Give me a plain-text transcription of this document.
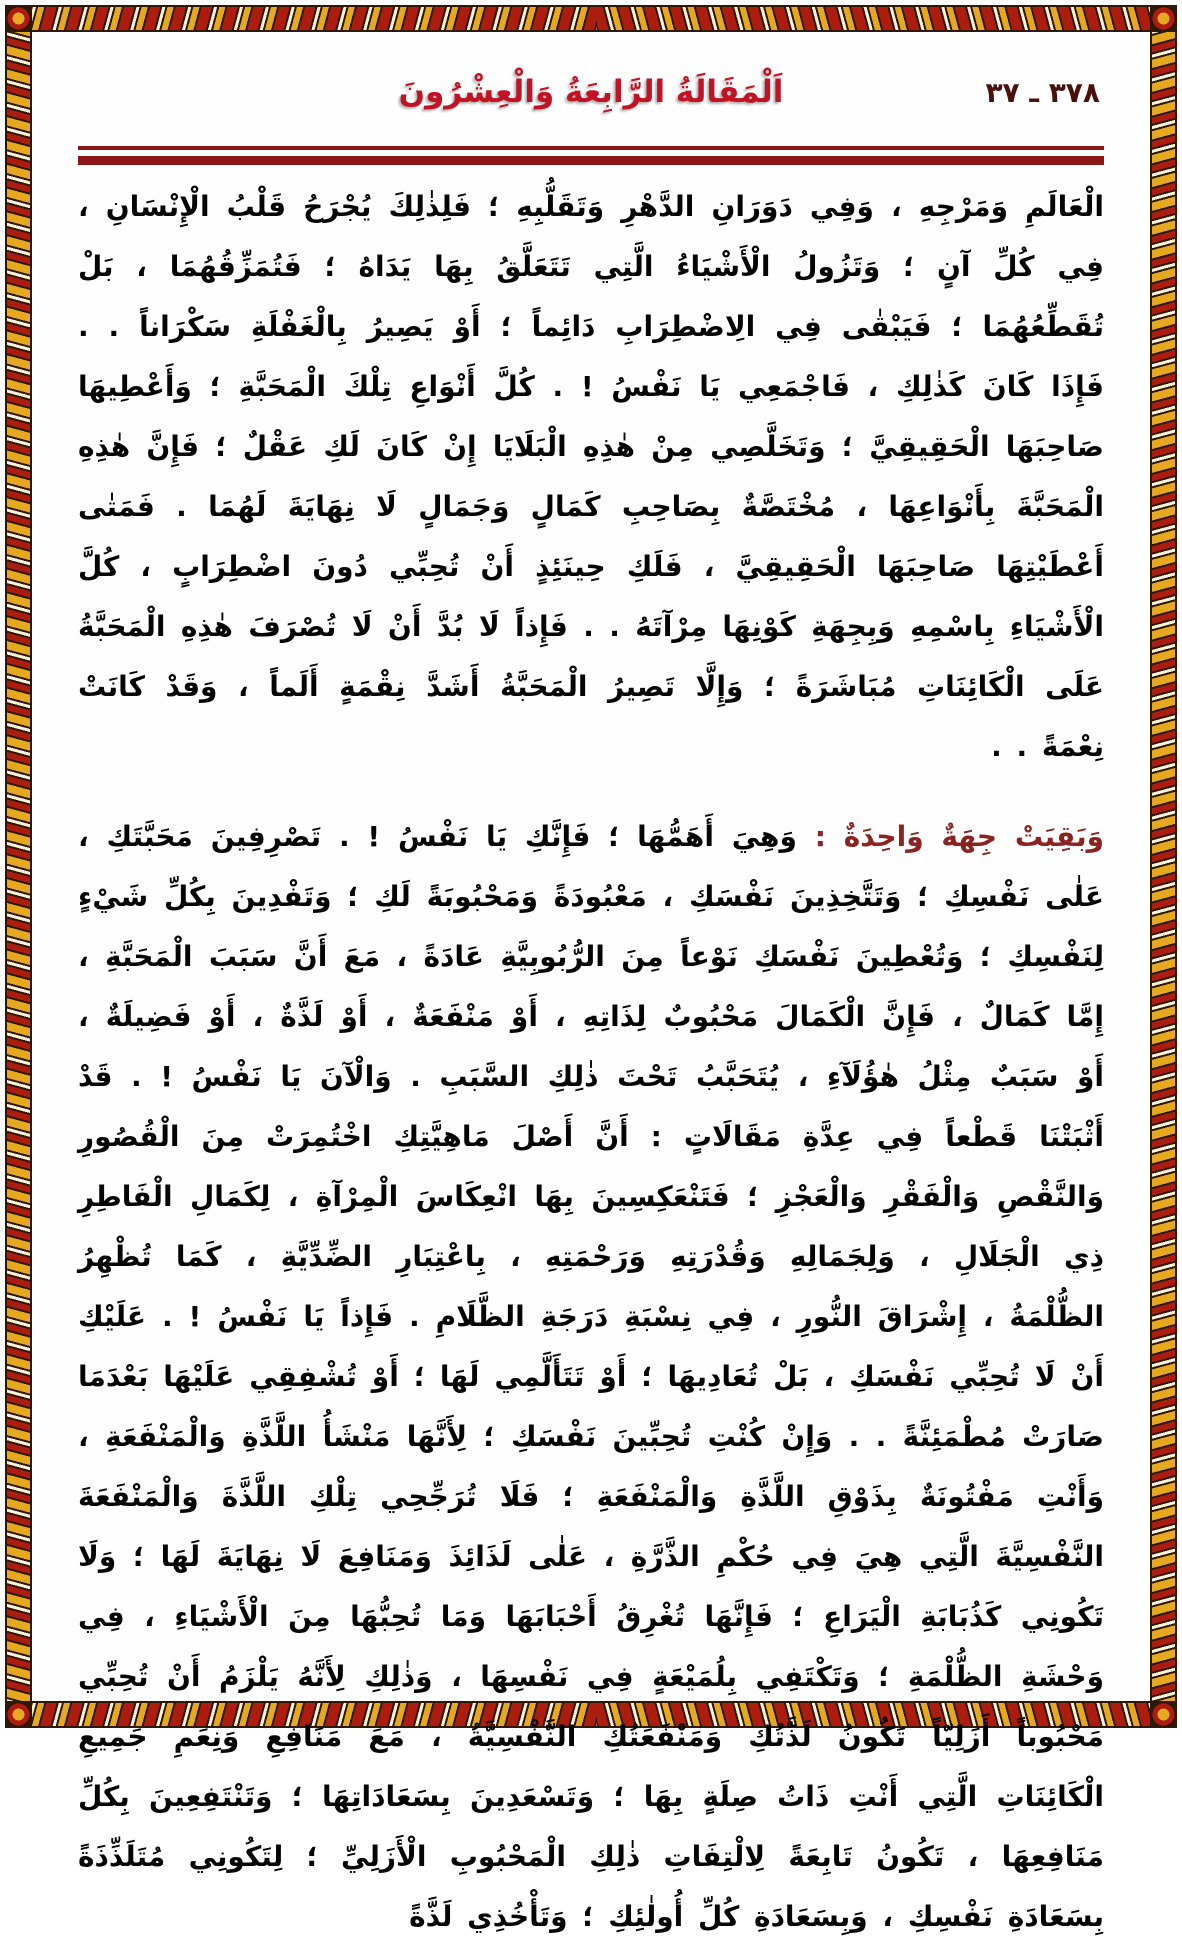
اَلْمَقَالَةُ الرَّابِعَةُ وَالْعِشْرُونَ	٣٧٨ ـ ٣٧

الْعَالَمِ وَمَرْجِهِ ، وَفِي دَوَرَانِ الدَّهْرِ وَتَقَلُّبِهِ ؛ فَلِذٰلِكَ يُجْرَحُ قَلْبُ الْإِنْسَانِ ، فِي كُلِّ آنٍ ؛ وَتَزُولُ الْأَشْيَاءُ الَّتِي تَتَعَلَّقُ بِهَا يَدَاهُ ؛ فَتُمَزِّقُهُمَا ، بَلْ تُقَطِّعُهُمَا ؛ فَيَبْقٰى فِي الِاضْطِرَابِ دَائِماً ؛ أَوْ يَصِيرُ بِالْغَفْلَةِ سَكْرَاناً . . فَإِذَا كَانَ كَذٰلِكِ ، فَاجْمَعِي يَا نَفْسُ ! . كُلَّ أَنْوَاعِ تِلْكَ الْمَحَبَّةِ ؛ وَأَعْطِيهَا صَاحِبَهَا الْحَقِيقِيَّ ؛ وَتَخَلَّصِي مِنْ هٰذِهِ الْبَلَايَا إِنْ كَانَ لَكِ عَقْلٌ ؛ فَإِنَّ هٰذِهِ الْمَحَبَّةَ بِأَنْوَاعِهَا ، مُخْتَصَّةٌ بِصَاحِبِ كَمَالٍ وَجَمَالٍ لَا نِهَايَةَ لَهُمَا . فَمَتٰى أَعْطَيْتِهَا صَاحِبَهَا الْحَقِيقِيَّ ، فَلَكِ حِينَئِذٍ أَنْ تُحِبِّي دُونَ اضْطِرَابٍ ، كُلَّ الْأَشْيَاءِ بِاسْمِهِ وَبِجِهَةِ كَوْنِهَا مِرْآتَهُ . . فَإِذاً لَا بُدَّ أَنْ لَا تُصْرَفَ هٰذِهِ الْمَحَبَّةُ عَلَى الْكَائِنَاتِ مُبَاشَرَةً ؛ وَإِلَّا تَصِيرُ الْمَحَبَّةُ أَشَدَّ نِقْمَةٍ أَلَماً ، وَقَدْ كَانَتْ نِعْمَةً . .

وَبَقِيَتْ جِهَةٌ وَاحِدَةٌ : وَهِيَ أَهَمُّهَا ؛ فَإِنَّكِ يَا نَفْسُ ! . تَصْرِفِينَ مَحَبَّتَكِ ، عَلٰى نَفْسِكِ ؛ وَتَتَّخِذِينَ نَفْسَكِ ، مَعْبُودَةً وَمَحْبُوبَةً لَكِ ؛ وَتَفْدِينَ بِكُلِّ شَيْءٍ لِنَفْسِكِ ؛ وَتُعْطِينَ نَفْسَكِ نَوْعاً مِنَ الرُّبُوبِيَّةِ عَادَةً ، مَعَ أَنَّ سَبَبَ الْمَحَبَّةِ ، إِمَّا كَمَالٌ ، فَإِنَّ الْكَمَالَ مَحْبُوبٌ لِذَاتِهِ ، أَوْ مَنْفَعَةٌ ، أَوْ لَذَّةٌ ، أَوْ فَضِيلَةٌ ، أَوْ سَبَبٌ مِثْلُ هٰؤُلَآءِ ، يُتَحَبَّبُ تَحْتَ ذٰلِكِ السَّبَبِ . وَالْآنَ يَا نَفْسُ ! . قَدْ أَثْبَتْنَا قَطْعاً فِي عِدَّةِ مَقَالَاتٍ : أَنَّ أَصْلَ مَاهِيَّتِكِ اخْتُمِرَتْ مِنَ الْقُصُورِ وَالنَّقْصِ وَالْفَقْرِ وَالْعَجْزِ ؛ فَتَنْعَكِسِينَ بِهَا انْعِكَاسَ الْمِرْآةِ ، لِكَمَالِ الْفَاطِرِ ذِي الْجَلَالِ ، وَلِجَمَالِهِ وَقُدْرَتِهِ وَرَحْمَتِهِ ، بِاعْتِبَارِ الضِّدِّيَّةِ ، كَمَا تُظْهِرُ الظُّلْمَةُ ، إِشْرَاقَ النُّورِ ، فِي نِسْبَةِ دَرَجَةِ الظَّلَامِ . فَإِذاً يَا نَفْسُ ! . عَلَيْكِ أَنْ لَا تُحِبِّي نَفْسَكِ ، بَلْ تُعَادِيهَا ؛ أَوْ تَتَأَلَّمِي لَهَا ؛ أَوْ تُشْفِقِي عَلَيْهَا بَعْدَمَا صَارَتْ مُطْمَئِنَّةً . . وَإِنْ كُنْتِ تُحِبِّينَ نَفْسَكِ ؛ لِأَنَّهَا مَنْشَأُ اللَّذَّةِ وَالْمَنْفَعَةِ ، وَأَنْتِ مَفْتُونَةٌ بِذَوْقِ اللَّذَّةِ وَالْمَنْفَعَةِ ؛ فَلَا تُرَجِّحِي تِلْكِ اللَّذَّةَ وَالْمَنْفَعَةَ النَّفْسِيَّةَ الَّتِي هِيَ فِي حُكْمِ الذَّرَّةِ ، عَلٰى لَذَائِذَ وَمَنَافِعَ لَا نِهَايَةَ لَهَا ؛ وَلَا تَكُونِي كَذُبَابَةِ الْيَرَاعِ ؛ فَإِنَّهَا تُغْرِقُ أَحْبَابَهَا وَمَا تُحِبُّهَا مِنَ الْأَشْيَاءِ ، فِي وَحْشَةِ الظُّلْمَةِ ؛ وَتَكْتَفِي بِلُمَيْعَةٍ فِي نَفْسِهَا ، وَذٰلِكِ لِأَنَّهُ يَلْزَمُ أَنْ تُحِبِّي مَحْبُوباً أَزَلِيّاً تَكُونُ لَذَّتُكِ وَمَنْفَعَتُكِ النَّفْسِيَّةُ ، مَعَ مَنَافِعِ وَنِعَمِ جَمِيعِ الْكَائِنَاتِ الَّتِي أَنْتِ ذَاتُ صِلَةٍ بِهَا ؛ وَتَسْعَدِينَ بِسَعَادَاتِهَا ؛ وَتَنْتَفِعِينَ بِكُلِّ مَنَافِعِهَا ، تَكُونُ تَابِعَةً لِالْتِفَاتِ ذٰلِكِ الْمَحْبُوبِ الْأَزَلِيِّ ؛ لِتَكُونِي مُتَلَذِّذَةً بِسَعَادَةِ نَفْسِكِ ، وَبِسَعَادَةِ كُلِّ أُولٰئِكِ ؛ وَتَأْخُذِي لَذَّةً
